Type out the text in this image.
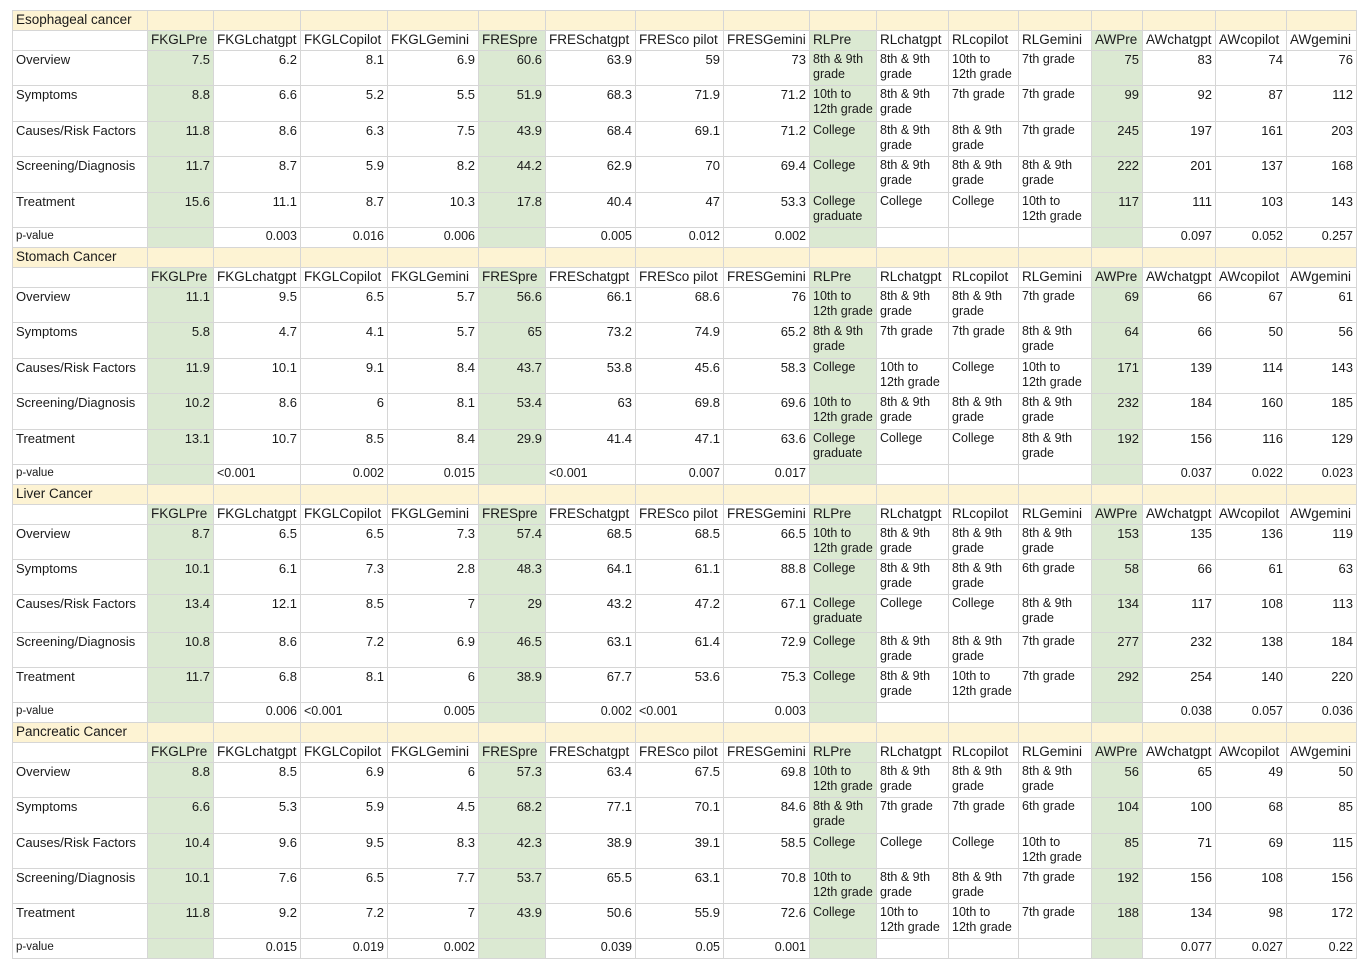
Esophageal cancer																
	FKGLPre	FKGLchatgpt	FKGLCopilot	FKGLGemini	FRESpre	FRESchatgpt	FRESco pilot	FRESGemini	RLPre	RLchatgpt	RLcopilot	RLGemini	AWPre	AWchatgpt	AWcopilot	AWgemini
Overview	7.5	6.2	8.1	6.9	60.6	63.9	59	73	8th & 9th grade	8th & 9th grade	10th to 12th grade	7th grade	75	83	74	76
Symptoms	8.8	6.6	5.2	5.5	51.9	68.3	71.9	71.2	10th to 12th grade	8th & 9th grade	7th grade	7th grade	99	92	87	112
Causes/Risk Factors	11.8	8.6	6.3	7.5	43.9	68.4	69.1	71.2	College	8th & 9th grade	8th & 9th grade	7th grade	245	197	161	203
Screening/Diagnosis	11.7	8.7	5.9	8.2	44.2	62.9	70	69.4	College	8th & 9th grade	8th & 9th grade	8th & 9th grade	222	201	137	168
Treatment	15.6	11.1	8.7	10.3	17.8	40.4	47	53.3	College graduate	College	College	10th to 12th grade	117	111	103	143
p-value		0.003	0.016	0.006		0.005	0.012	0.002						0.097	0.052	0.257
Stomach Cancer																
	FKGLPre	FKGLchatgpt	FKGLCopilot	FKGLGemini	FRESpre	FRESchatgpt	FRESco pilot	FRESGemini	RLPre	RLchatgpt	RLcopilot	RLGemini	AWPre	AWchatgpt	AWcopilot	AWgemini
Overview	11.1	9.5	6.5	5.7	56.6	66.1	68.6	76	10th to 12th grade	8th & 9th grade	8th & 9th grade	7th grade	69	66	67	61
Symptoms	5.8	4.7	4.1	5.7	65	73.2	74.9	65.2	8th & 9th grade	7th grade	7th grade	8th & 9th grade	64	66	50	56
Causes/Risk Factors	11.9	10.1	9.1	8.4	43.7	53.8	45.6	58.3	College	10th to 12th grade	College	10th to 12th grade	171	139	114	143
Screening/Diagnosis	10.2	8.6	6	8.1	53.4	63	69.8	69.6	10th to 12th grade	8th & 9th grade	8th & 9th grade	8th & 9th grade	232	184	160	185
Treatment	13.1	10.7	8.5	8.4	29.9	41.4	47.1	63.6	College graduate	College	College	8th & 9th grade	192	156	116	129
p-value		<0.001	0.002	0.015		<0.001	0.007	0.017						0.037	0.022	0.023
Liver Cancer																
	FKGLPre	FKGLchatgpt	FKGLCopilot	FKGLGemini	FRESpre	FRESchatgpt	FRESco pilot	FRESGemini	RLPre	RLchatgpt	RLcopilot	RLGemini	AWPre	AWchatgpt	AWcopilot	AWgemini
Overview	8.7	6.5	6.5	7.3	57.4	68.5	68.5	66.5	10th to 12th grade	8th & 9th grade	8th & 9th grade	8th & 9th grade	153	135	136	119
Symptoms	10.1	6.1	7.3	2.8	48.3	64.1	61.1	88.8	College	8th & 9th grade	8th & 9th grade	6th grade	58	66	61	63
Causes/Risk Factors	13.4	12.1	8.5	7	29	43.2	47.2	67.1	College graduate	College	College	8th & 9th grade	134	117	108	113
Screening/Diagnosis	10.8	8.6	7.2	6.9	46.5	63.1	61.4	72.9	College	8th & 9th grade	8th & 9th grade	7th grade	277	232	138	184
Treatment	11.7	6.8	8.1	6	38.9	67.7	53.6	75.3	College	8th & 9th grade	10th to 12th grade	7th grade	292	254	140	220
p-value		0.006	<0.001	0.005		0.002	<0.001	0.003						0.038	0.057	0.036
Pancreatic Cancer																
	FKGLPre	FKGLchatgpt	FKGLCopilot	FKGLGemini	FRESpre	FRESchatgpt	FRESco pilot	FRESGemini	RLPre	RLchatgpt	RLcopilot	RLGemini	AWPre	AWchatgpt	AWcopilot	AWgemini
Overview	8.8	8.5	6.9	6	57.3	63.4	67.5	69.8	10th to 12th grade	8th & 9th grade	8th & 9th grade	8th & 9th grade	56	65	49	50
Symptoms	6.6	5.3	5.9	4.5	68.2	77.1	70.1	84.6	8th & 9th grade	7th grade	7th grade	6th grade	104	100	68	85
Causes/Risk Factors	10.4	9.6	9.5	8.3	42.3	38.9	39.1	58.5	College	College	College	10th to 12th grade	85	71	69	115
Screening/Diagnosis	10.1	7.6	6.5	7.7	53.7	65.5	63.1	70.8	10th to 12th grade	8th & 9th grade	8th & 9th grade	7th grade	192	156	108	156
Treatment	11.8	9.2	7.2	7	43.9	50.6	55.9	72.6	College	10th to 12th grade	10th to 12th grade	7th grade	188	134	98	172
p-value		0.015	0.019	0.002		0.039	0.05	0.001						0.077	0.027	0.22
